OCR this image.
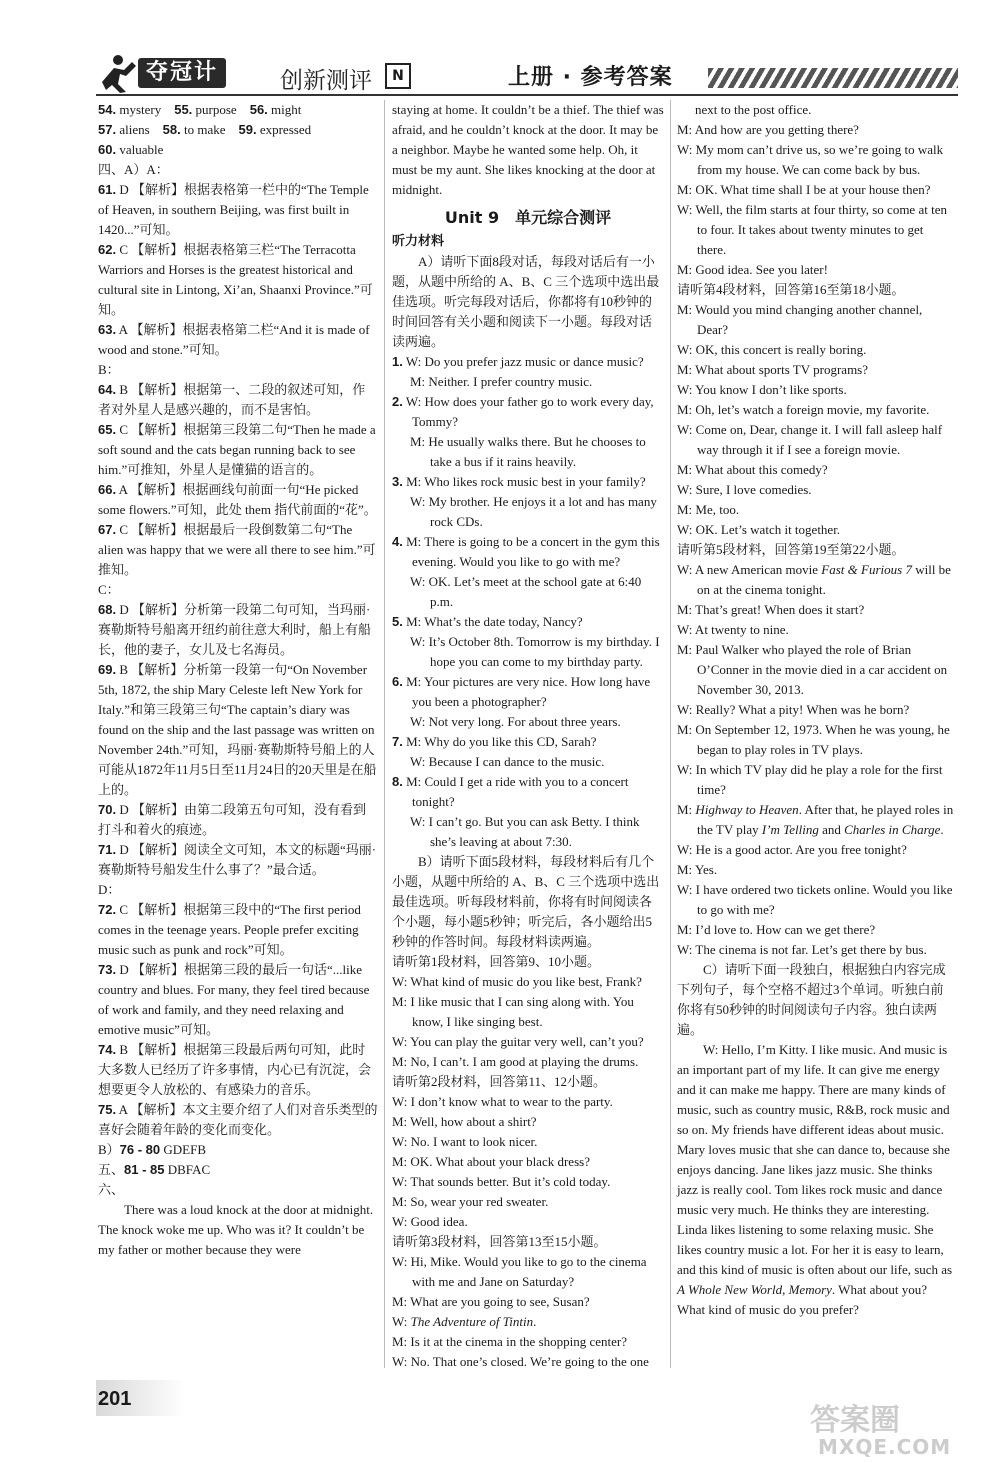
夺冠计	创新测评	N	上册 · 参考答案

54. mystery　55. purpose　56. might

57. aliens　58. to make　59. expressed

60. valuable

四、A）A：

61. D 【解析】根据表格第一栏中的“The Temple of Heaven, in southern Beijing, was first built in 1420...”可知。

62. C 【解析】根据表格第三栏“The Terracotta Warriors and Horses is the greatest historical and cultural site in Lintong, Xi’an, Shaanxi Province.”可知。

63. A 【解析】根据表格第二栏“And it is made of wood and stone.”可知。

B：

64. B 【解析】根据第一、二段的叙述可知，作者对外星人是感兴趣的，而不是害怕。

65. C 【解析】根据第三段第二句“Then he made a soft sound and the cats began running back to see him.”可推知，外星人是懂猫的语言的。

66. A 【解析】根据画线句前面一句“He picked some flowers.”可知，此处 them 指代前面的“花”。

67. C 【解析】根据最后一段倒数第二句“The alien was happy that we were all there to see him.”可推知。

C：

68. D 【解析】分析第一段第二句可知，当玛丽·赛勒斯特号船离开纽约前往意大利时，船上有船长，他的妻子，女儿及七名海员。

69. B 【解析】分析第一段第一句“On November 5th, 1872, the ship Mary Celeste left New York for Italy.”和第三段第三句“The captain’s diary was found on the ship and the last passage was written on November 24th.”可知，玛丽·赛勒斯特号船上的人可能从1872年11月5日至11月24日的20天里是在船上的。

70. D 【解析】由第二段第五句可知，没有看到打斗和着火的痕迹。

71. D 【解析】阅读全文可知，本文的标题“玛丽·赛勒斯特号船发生什么事了？”最合适。

D：

72. C 【解析】根据第三段中的“The first period comes in the teenage years. People prefer exciting music such as punk and rock”可知。

73. D 【解析】根据第三段的最后一句话“...like country and blues. For many, they feel tired because of work and family, and they need relaxing and emotive music”可知。

74. B 【解析】根据第三段最后两句可知，此时大多数人已经历了许多事情，内心已有沉淀，会想要更令人放松的、有感染力的音乐。

75. A 【解析】本文主要介绍了人们对音乐类型的喜好会随着年龄的变化而变化。

B）76 - 80 GDEFB

五、81 - 85 DBFAC

六、

　　There was a loud knock at the door at midnight. The knock woke me up. Who was it? It couldn’t be my father or mother because they were

staying at home. It couldn’t be a thief. The thief was afraid, and he couldn’t knock at the door. It may be a neighbor. Maybe he wanted some help. Oh, it must be my aunt. She likes knocking at the door at midnight.

Unit 9　单元综合测评
听力材料

A）请听下面8段对话，每段对话后有一小题，从题中所给的 A、B、C 三个选项中选出最佳选项。听完每段对话后，你都将有10秒钟的时间回答有关小题和阅读下一小题。每段对话读两遍。

1. W: Do you prefer jazz music or dance music?

M: Neither. I prefer country music.

2. W: How does your father go to work every day, Tommy?

M: He usually walks there. But he chooses to take a bus if it rains heavily.

3. M: Who likes rock music best in your family?

W: My brother. He enjoys it a lot and has many rock CDs.

4. M: There is going to be a concert in the gym this evening. Would you like to go with me?

W: OK. Let’s meet at the school gate at 6:40 p.m.

5. M: What’s the date today, Nancy?

W: It’s October 8th. Tomorrow is my birthday. I hope you can come to my birthday party.

6. M: Your pictures are very nice. How long have you been a photographer?

W: Not very long. For about three years.

7. M: Why do you like this CD, Sarah?

W: Because I can dance to the music.

8. M: Could I get a ride with you to a concert tonight?

W: I can’t go. But you can ask Betty. I think she’s leaving at about 7:30.

B）请听下面5段材料，每段材料后有几个小题，从题中所给的 A、B、C 三个选项中选出最佳选项。听每段材料前，你将有时间阅读各个小题，每小题5秒钟；听完后，各小题给出5秒钟的作答时间。每段材料读两遍。

请听第1段材料，回答第9、10小题。

W: What kind of music do you like best, Frank?

M: I like music that I can sing along with. You know, I like singing best.

W: You can play the guitar very well, can’t you?

M: No, I can’t. I am good at playing the drums.

请听第2段材料，回答第11、12小题。

W: I don’t know what to wear to the party.

M: Well, how about a shirt?

W: No. I want to look nicer.

M: OK. What about your black dress?

W: That sounds better. But it’s cold today.

M: So, wear your red sweater.

W: Good idea.

请听第3段材料，回答第13至15小题。

W: Hi, Mike. Would you like to go to the cinema with me and Jane on Saturday?

M: What are you going to see, Susan?

W: The Adventure of Tintin.

M: Is it at the cinema in the shopping center?

W: No. That one’s closed. We’re going to the one

next to the post office.

M: And how are you getting there?

W: My mom can’t drive us, so we’re going to walk from my house. We can come back by bus.

M: OK. What time shall I be at your house then?

W: Well, the film starts at four thirty, so come at ten to four. It takes about twenty minutes to get there.

M: Good idea. See you later!

请听第4段材料，回答第16至第18小题。

M: Would you mind changing another channel, Dear?

W: OK, this concert is really boring.

M: What about sports TV programs?

W: You know I don’t like sports.

M: Oh, let’s watch a foreign movie, my favorite.

W: Come on, Dear, change it. I will fall asleep half way through it if I see a foreign movie.

M: What about this comedy?

W: Sure, I love comedies.

M: Me, too.

W: OK. Let’s watch it together.

请听第5段材料，回答第19至第22小题。

W: A new American movie Fast & Furious 7 will be on at the cinema tonight.

M: That’s great! When does it start?

W: At twenty to nine.

M: Paul Walker who played the role of Brian O’Conner in the movie died in a car accident on November 30, 2013.

W: Really? What a pity! When was he born?

M: On September 12, 1973. When he was young, he began to play roles in TV plays.

W: In which TV play did he play a role for the first time?

M: Highway to Heaven. After that, he played roles in the TV play I’m Telling and Charles in Charge.

W: He is a good actor. Are you free tonight?

M: Yes.

W: I have ordered two tickets online. Would you like to go with me?

M: I’d love to. How can we get there?

W: The cinema is not far. Let’s get there by bus.

C）请听下面一段独白，根据独白内容完成下列句子，每个空格不超过3个单词。听独白前你将有50秒钟的时间阅读句子内容。独白读两遍。

W: Hello, I’m Kitty. I like music. And music is an important part of my life. It can give me energy and it can make me happy. There are many kinds of music, such as country music, R&B, rock music and so on. My friends have different ideas about music. Mary loves music that she can dance to, because she enjoys dancing. Jane likes jazz music. She thinks jazz is really cool. Tom likes rock music and dance music very much. He thinks they are interesting. Linda likes listening to some relaxing music. She likes country music a lot. For her it is easy to learn, and this kind of music is often about our life, such as A Whole New World, Memory. What about you? What kind of music do you prefer?

201
答案圈
MXQE.COM
